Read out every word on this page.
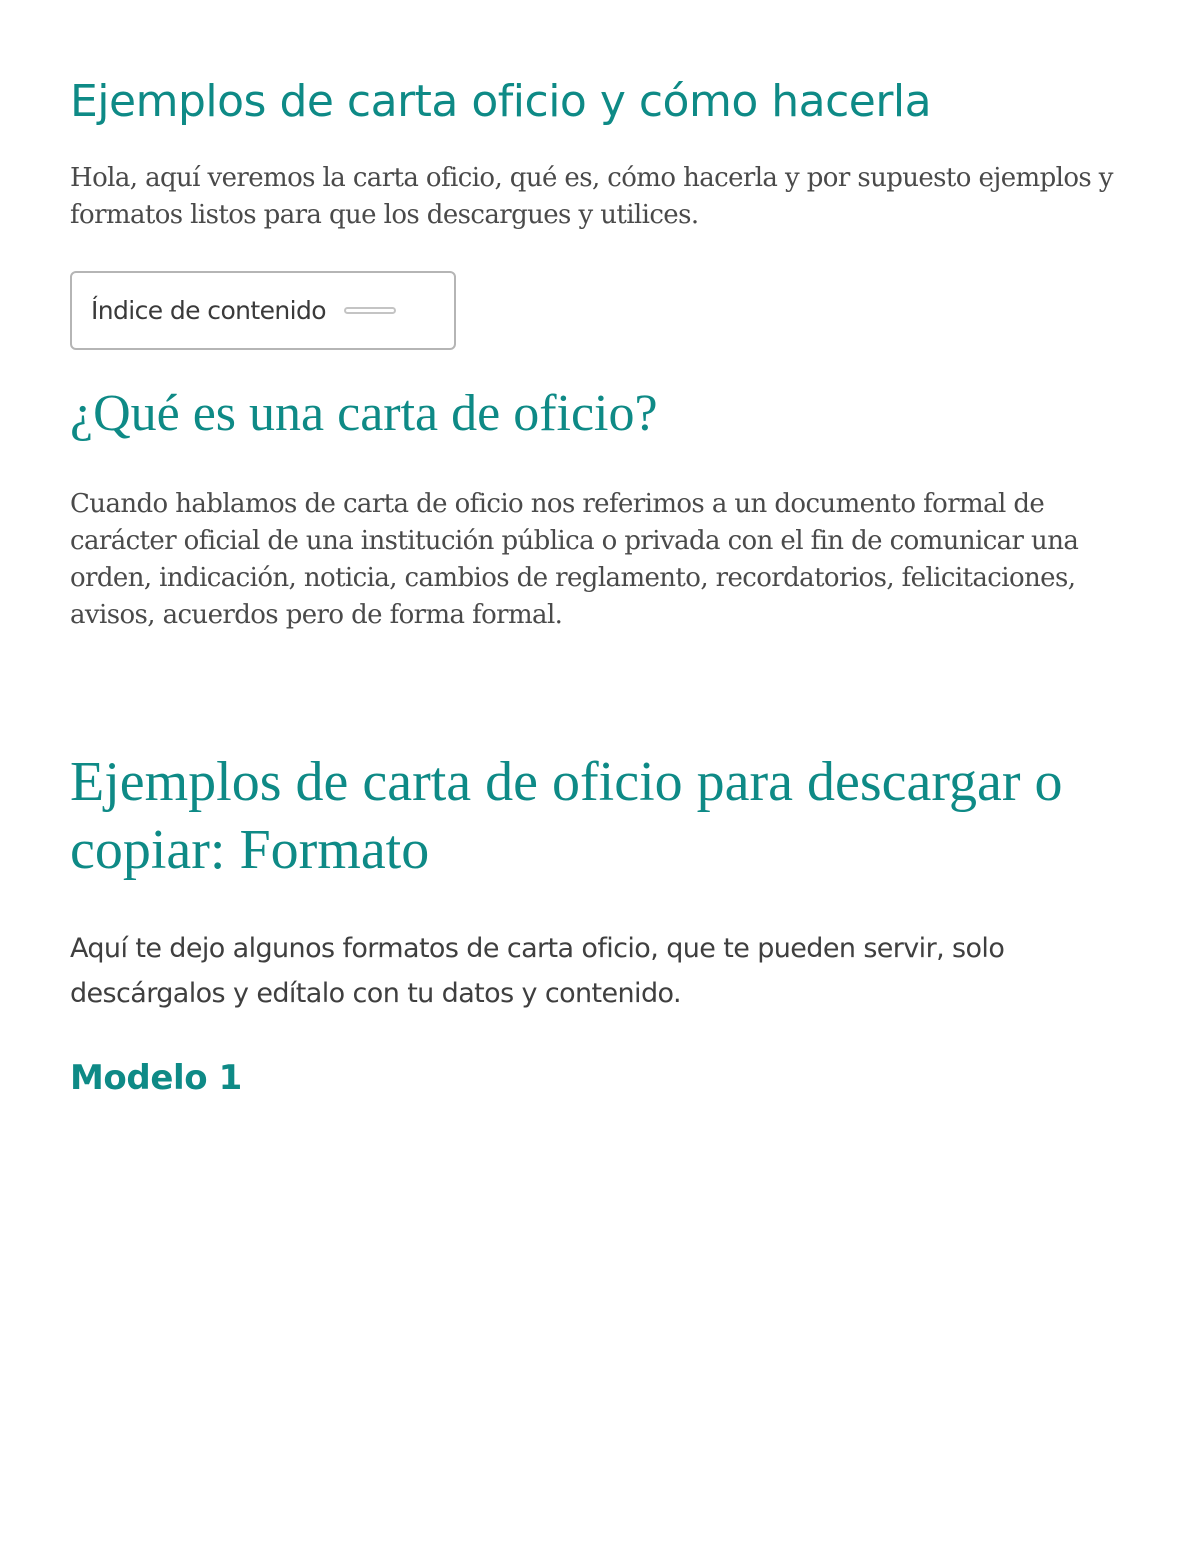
Ejemplos de carta oficio y cómo hacerla

Hola, aquí veremos la carta oficio, qué es, cómo hacerla y por supuesto ejemplos y formatos listos para que los descargues y utilices.

Índice de contenido
¿Qué es una carta de oficio?

Cuando hablamos de carta de oficio nos referimos a un documento formal de carácter oficial de una institución pública o privada con el fin de comunicar una orden, indicación, noticia, cambios de reglamento, recordatorios, felicitaciones, avisos, acuerdos pero de forma formal.

Ejemplos de carta de oficio para descargar o copiar: Formato

Aquí te dejo algunos formatos de carta oficio, que te pueden servir, solo descárgalos y edítalo con tu datos y contenido.

Modelo 1
